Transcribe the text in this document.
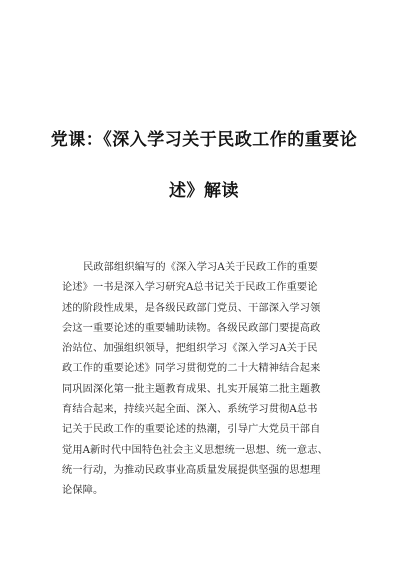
党课：《深入学习关于民政工作的重要论
述》解读
民政部组织编写的《深入学习A关于民政工作的重要
论述》一书是深入学习研究A总书记关于民政工作重要论
述的阶段性成果，是各级民政部门党员、干部深入学习领
会这一重要论述的重要辅助读物。各级民政部门要提高政
治站位、加强组织领导，把组织学习《深入学习A关于民
政工作的重要论述》同学习贯彻党的二十大精神结合起来
同巩固深化第一批主题教育成果、扎实开展第二批主题教
育结合起来，持续兴起全面、深入、系统学习贯彻A总书
记关于民政工作的重要论述的热潮，引导广大党员干部自
觉用A新时代中国特色社会主义思想统一思想、统一意志、
统一行动，为推动民政事业高质量发展提供坚强的思想理
论保障。
